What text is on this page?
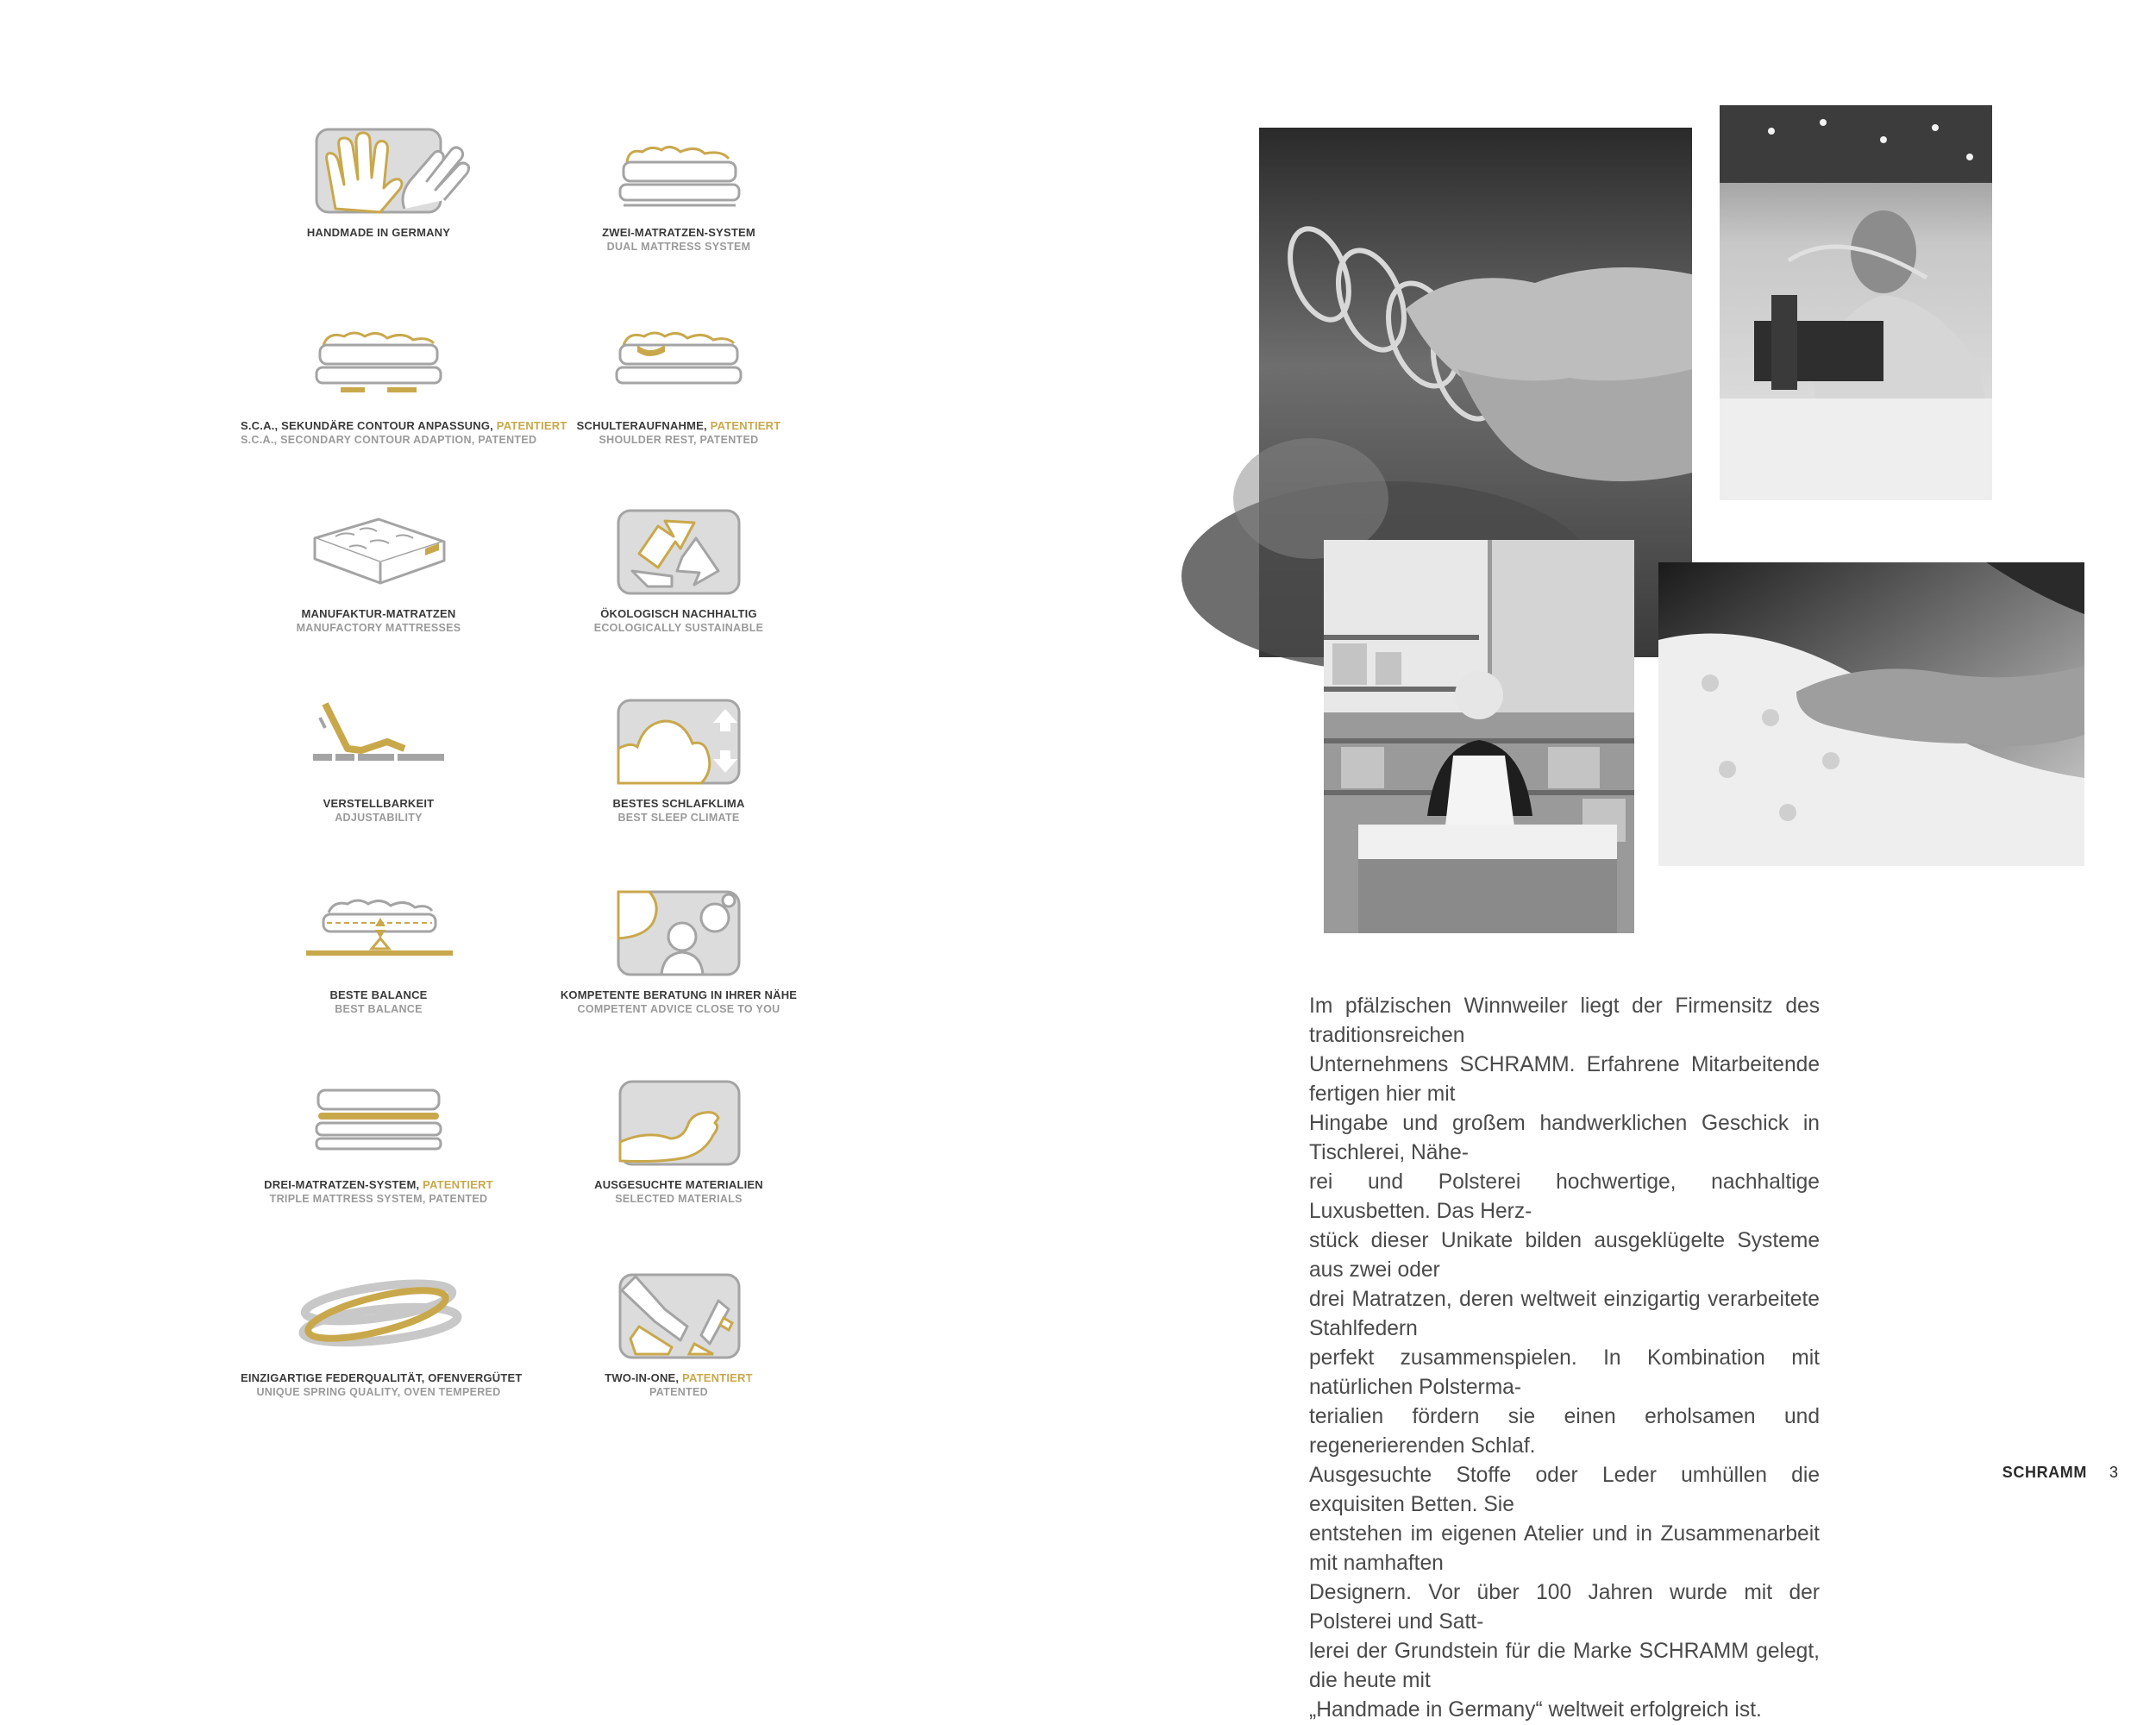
HANDMADE IN GERMANY	ZWEI-MATRATZEN-SYSTEM
DUAL MATTRESS SYSTEM
S.C.A., SEKUNDÄRE CONTOUR ANPASSUNG, PATENTIERT
S.C.A., SECONDARY CONTOUR ADAPTION, PATENTED
SCHULTERAUFNAHME, PATENTIERT
SHOULDER REST, PATENTED
MANUFAKTUR-MATRATZEN
MANUFACTORY MATTRESSES
ÖKOLOGISCH NACHHALTIG
ECOLOGICALLY SUSTAINABLE
VERSTELLBARKEIT
ADJUSTABILITY
BESTES SCHLAFKLIMA
BEST SLEEP CLIMATE
BESTE BALANCE
BEST BALANCE
KOMPETENTE BERATUNG IN IHRER NÄHE
COMPETENT ADVICE CLOSE TO YOU
DREI-MATRATZEN-SYSTEM, PATENTIERT
TRIPLE MATTRESS SYSTEM, PATENTED
AUSGESUCHTE MATERIALIEN
SELECTED MATERIALS
EINZIGARTIGE FEDERQUALITÄT, OFENVERGÜTET
UNIQUE SPRING QUALITY, OVEN TEMPERED
TWO-IN-ONE, PATENTIERT
PATENTED
Im pfälzischen Winnweiler liegt der Firmensitz des traditionsreichen
Unternehmens SCHRAMM. Erfahrene Mitarbeitende fertigen hier mit
Hingabe und großem handwerklichen Geschick in Tischlerei, Nähe-
rei und Polsterei hochwertige, nachhaltige Luxusbetten. Das Herz-
stück dieser Unikate bilden ausgeklügelte Systeme aus zwei oder
drei Matratzen, deren weltweit einzigartig verarbeitete Stahlfedern
perfekt zusammenspielen. In Kombination mit natürlichen Polsterma-
terialien fördern sie einen erholsamen und regenerierenden Schlaf.
Ausgesuchte Stoffe oder Leder umhüllen die exquisiten Betten. Sie
entstehen im eigenen Atelier und in Zusammenarbeit mit namhaften
Designern. Vor über 100 Jahren wurde mit der Polsterei und Satt-
lerei der Grundstein für die Marke SCHRAMM gelegt, die heute mit
„Handmade in Germany“ weltweit erfolgreich ist.
SCHRAMM 3
